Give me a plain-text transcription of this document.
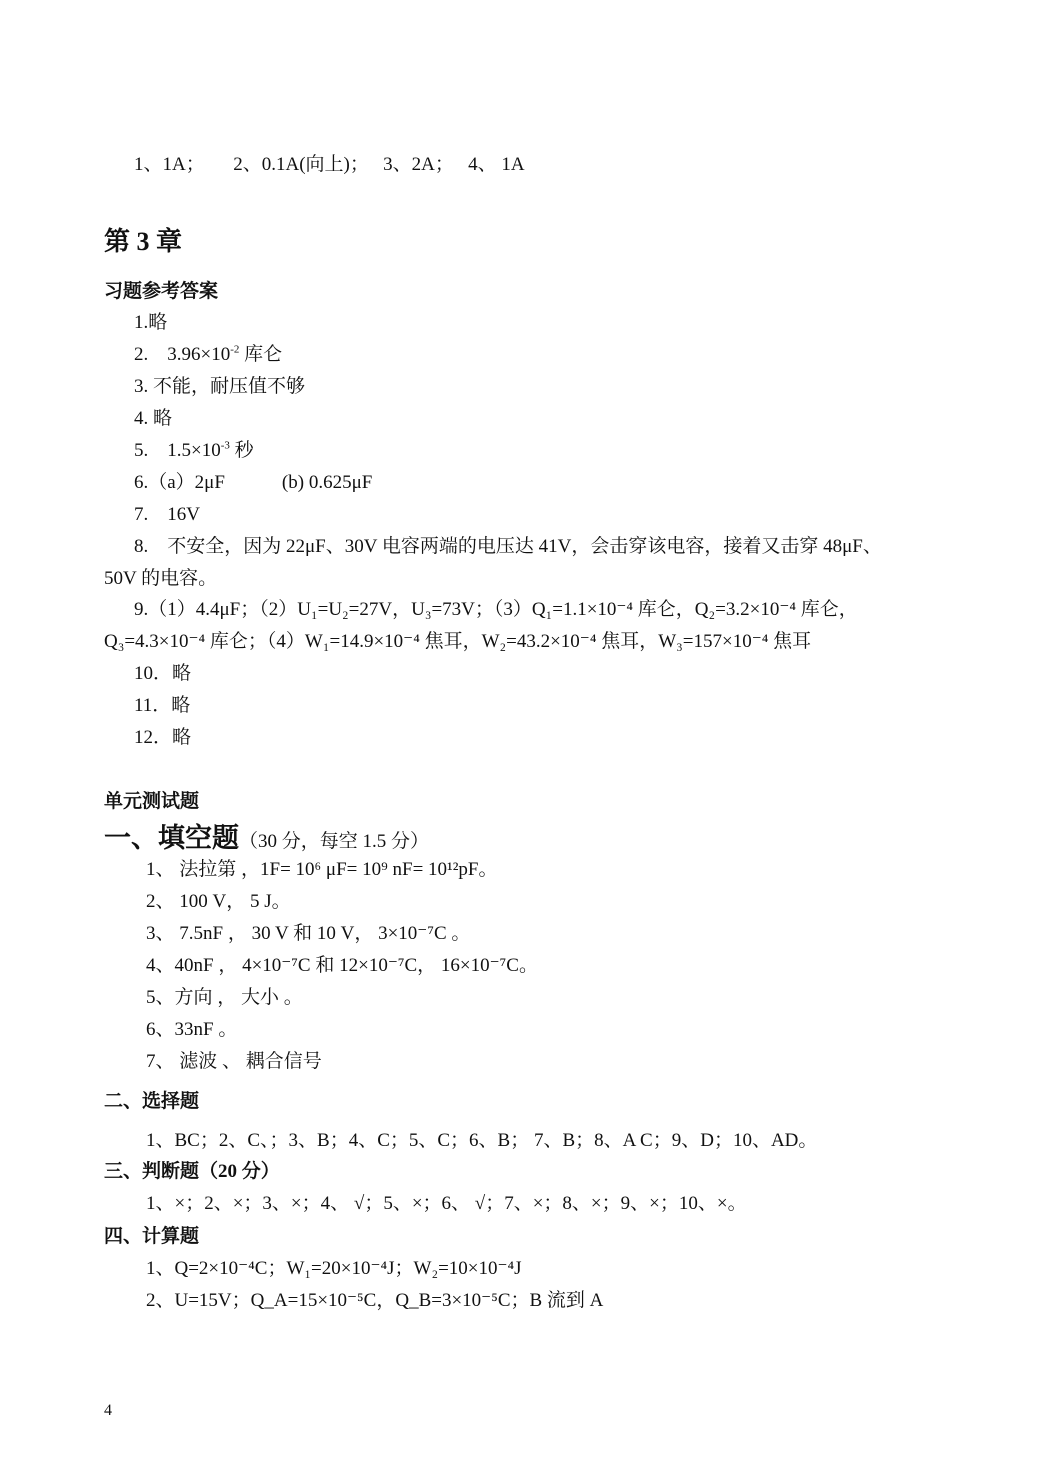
1、1A；　　2、0.1A(向上)；　 3、2A；　 4、 1A
第 3 章
习题参考答案
1.略
2.　$3.96\times 10^{-2}$ 库仑
3. 不能，耐压值不够
4. 略
5.　$1.5\times 10^{-3}$ 秒
6.（a）2μF　　　(b) 0.625μF
7.　16V
8.　不安全，因为 22μF、30V 电容两端的电压达 41V，会击穿该电容，接着又击穿 48μF、
50V 的电容。
9.（1）4.4μF；（2）U₁=U₂=27V，U₃=73V；（3）Q₁=1.1×10⁻⁴ 库仑，Q₂=3.2×10⁻⁴ 库仑，
Q₃=4.3×10⁻⁴ 库仑；（4）W₁=14.9×10⁻⁴ 焦耳，W₂=43.2×10⁻⁴ 焦耳，W₃=157×10⁻⁴ 焦耳
10．略
11．略
12．略
单元测试题
一、填空题（30 分，每空 1.5 分）
1、 法拉第 ，1F= 10⁶ μF= 10⁹ nF= 10¹²pF。
2、 100 V， 5 J。
3、 7.5nF ， 30 V 和 10 V， 3×10⁻⁷C 。
4、40nF ， 4×10⁻⁷C 和 12×10⁻⁷C， 16×10⁻⁷C。
5、方向 ， 大小 。
6、33nF 。
7、 滤波 、 耦合信号
二、选择题
1、BC；2、C、；3、B；4、C；5、C；6、B； 7、B；8、A C；9、D；10、AD。
三、判断题（20 分）
1、×；2、×；3、×；4、 √；5、×；6、 √；7、×；8、×；9、×；10、×。
四、计算题
1、Q=2×10⁻⁴C；W₁=20×10⁻⁴J；W₂=10×10⁻⁴J
2、U=15V；Q_A=15×10⁻⁵C，Q_B=3×10⁻⁵C；B 流到 A
4
